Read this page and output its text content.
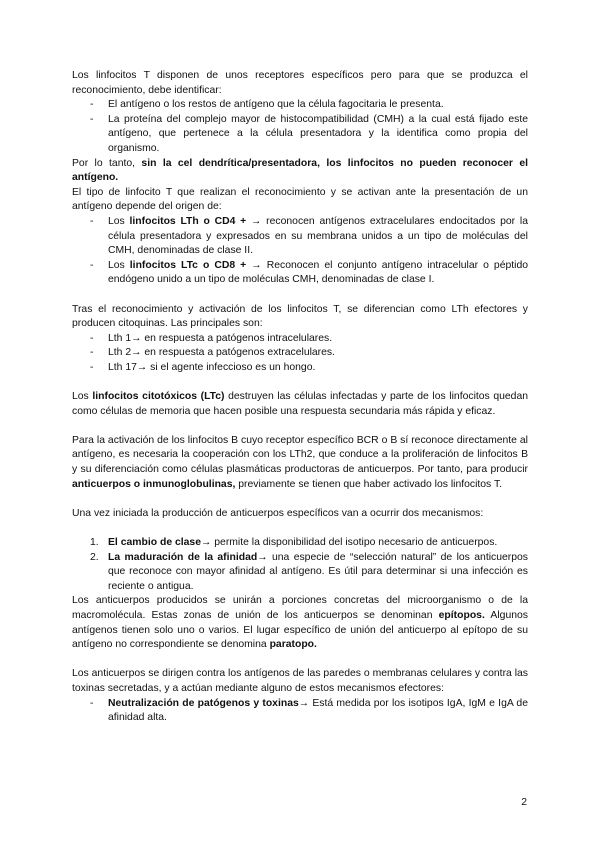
Los linfocitos T disponen de unos receptores específicos pero para que se produzca el reconocimiento, debe identificar:

- El antígeno o los restos de antígeno que la célula fagocitaria le presenta.
- La proteína del complejo mayor de histocompatibilidad (CMH) a la cual está fijado este antígeno, que pertenece a la célula presentadora y la identifica como propia del organismo.

Por lo tanto, sin la cel dendrítica/presentadora, los linfocitos no pueden reconocer el antígeno.

El tipo de linfocito T que realizan el reconocimiento y se activan ante la presentación de un antígeno depende del origen de:

- Los linfocitos LTh o CD4 + → reconocen antígenos extracelulares endocitados por la célula presentadora y expresados en su membrana unidos a un tipo de moléculas del CMH, denominadas de clase II.
- Los linfocitos LTc o CD8 + → Reconocen el conjunto antígeno intracelular o péptido endógeno unido a un tipo de moléculas CMH, denominadas de clase I.

Tras el reconocimiento y activación de los linfocitos T, se diferencian como LTh efectores y producen citoquinas. Las principales son:

- Lth 1→ en respuesta a patógenos intracelulares.
- Lth 2→ en respuesta a patógenos extracelulares.
- Lth 17→ si el agente infeccioso es un hongo.

Los linfocitos citotóxicos (LTc) destruyen las células infectadas y parte de los linfocitos quedan como células de memoria que hacen posible una respuesta secundaria más rápida y eficaz.

Para la activación de los linfocitos B cuyo receptor específico BCR o B sí reconoce directamente al antígeno, es necesaria la cooperación con los LTh2, que conduce a la proliferación de linfocitos B y su diferenciación como células plasmáticas productoras de anticuerpos. Por tanto, para producir anticuerpos o inmunoglobulinas, previamente se tienen que haber activado los linfocitos T.

Una vez iniciada la producción de anticuerpos específicos van a ocurrir dos mecanismos:

1. El cambio de clase→ permite la disponibilidad del isotipo necesario de anticuerpos.
2. La maduración de la afinidad→ una especie de “selección natural” de los anticuerpos que reconoce con mayor afinidad al antígeno. Es útil para determinar si una infección es reciente o antigua.

Los anticuerpos producidos se unirán a porciones concretas del microorganismo o de la macromolécula. Estas zonas de unión de los anticuerpos se denominan epítopos. Algunos antígenos tienen solo uno o varios. El lugar específico de unión del anticuerpo al epítopo de su antígeno no correspondiente se denomina paratopo.

Los anticuerpos se dirigen contra los antígenos de las paredes o membranas celulares y contra las toxinas secretadas, y a actúan mediante alguno de estos mecanismos efectores:

- Neutralización de patógenos y toxinas→ Está medida por los isotipos IgA, IgM e IgA de afinidad alta.
2
